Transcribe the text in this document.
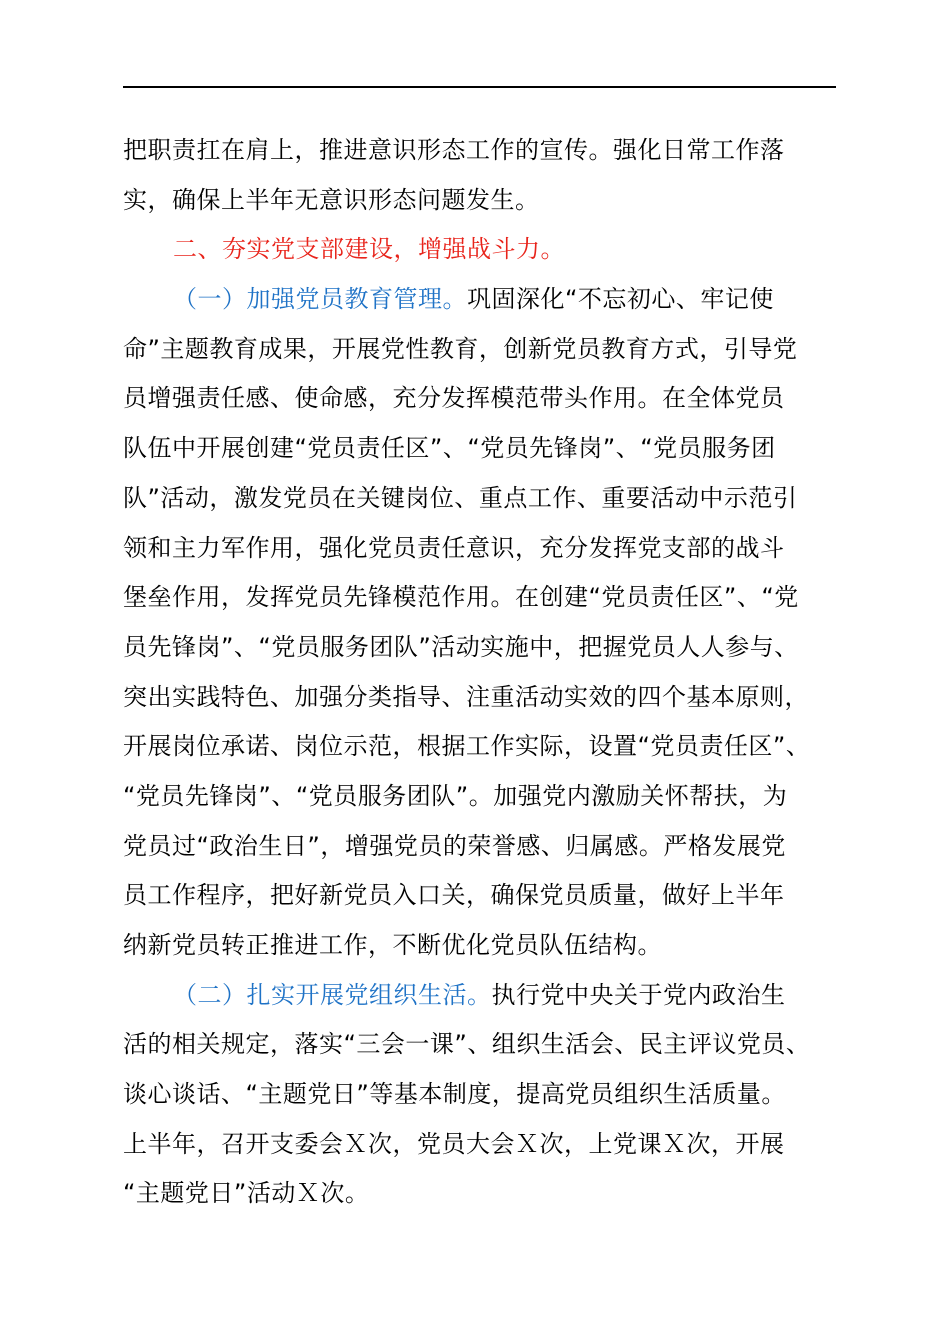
把职责扛在肩上，推进意识形态工作的宣传。强化日常工作落
实，确保上半年无意识形态问题发生。
二、夯实党支部建设，增强战斗力。
（一）加强党员教育管理。巩固深化“不忘初心、牢记使
命”主题教育成果，开展党性教育，创新党员教育方式，引导党
员增强责任感、使命感，充分发挥模范带头作用。在全体党员
队伍中开展创建“党员责任区”、“党员先锋岗”、“党员服务团
队”活动，激发党员在关键岗位、重点工作、重要活动中示范引
领和主力军作用，强化党员责任意识，充分发挥党支部的战斗
堡垒作用，发挥党员先锋模范作用。在创建“党员责任区”、“党
员先锋岗”、“党员服务团队”活动实施中，把握党员人人参与、
突出实践特色、加强分类指导、注重活动实效的四个基本原则，
开展岗位承诺、岗位示范，根据工作实际，设置“党员责任区”、
“党员先锋岗”、“党员服务团队”。加强党内激励关怀帮扶，为
党员过“政治生日”，增强党员的荣誉感、归属感。严格发展党
员工作程序，把好新党员入口关，确保党员质量，做好上半年
纳新党员转正推进工作，不断优化党员队伍结构。
（二）扎实开展党组织生活。执行党中央关于党内政治生
活的相关规定，落实“三会一课”、组织生活会、民主评议党员、
谈心谈话、“主题党日”等基本制度，提高党员组织生活质量。
上半年，召开支委会Ｘ次，党员大会Ｘ次，上党课Ｘ次，开展
“主题党日”活动Ｘ次。
